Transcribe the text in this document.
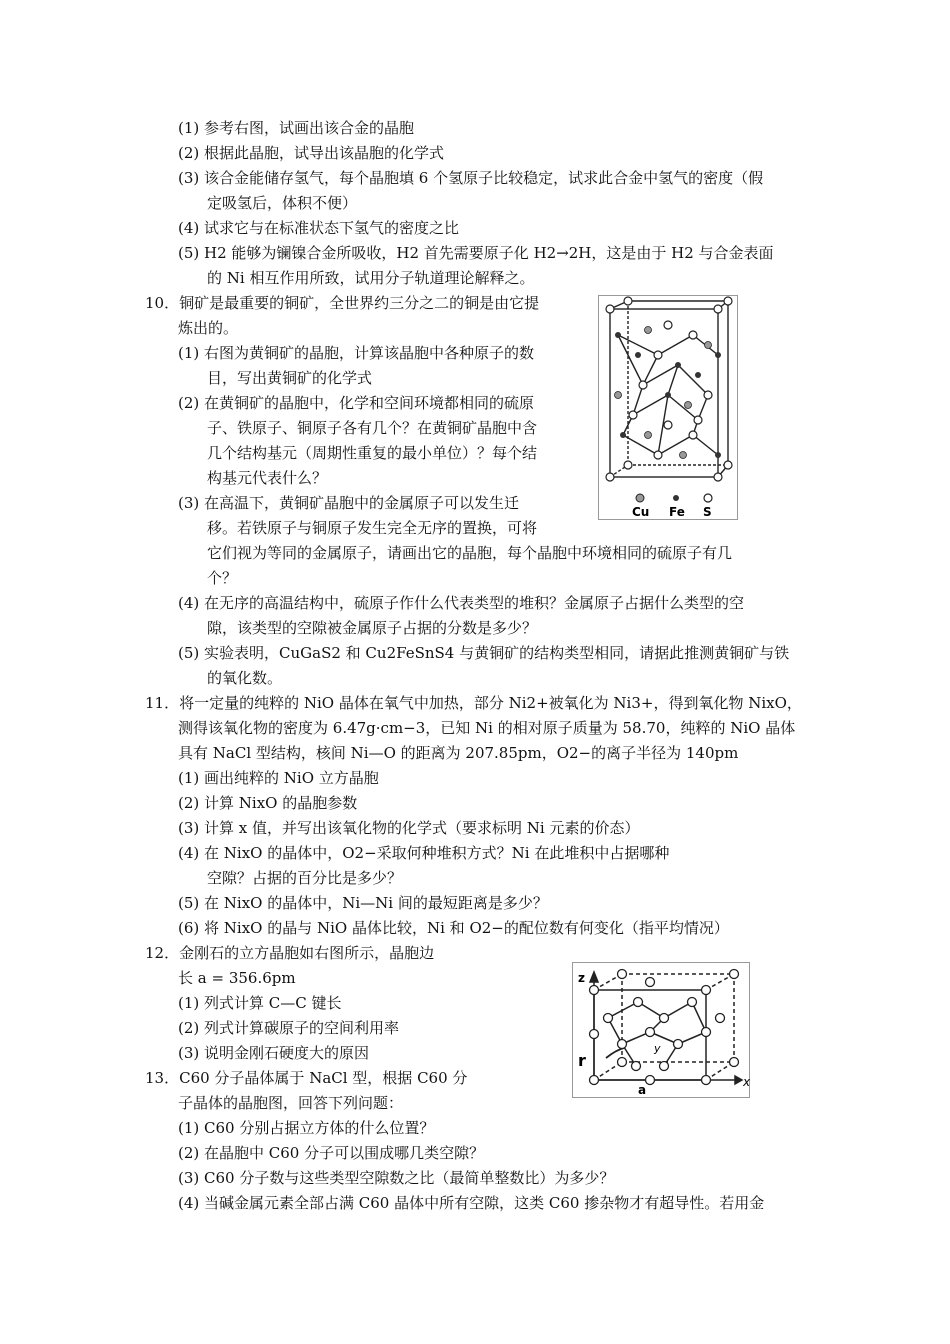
(1) 参考右图，试画出该合金的晶胞
(2) 根据此晶胞，试导出该晶胞的化学式
(3) 该合金能储存氢气，每个晶胞填 6 个氢原子比较稳定，试求此合金中氢气的密度（假
定吸氢后，体积不便）
(4) 试求它与在标准状态下氢气的密度之比
(5) H2 能够为镧镍合金所吸收，H2 首先需要原子化 H2→2H，这是由于 H2 与合金表面
的 Ni 相互作用所致，试用分子轨道理论解释之。
10．铜矿是最重要的铜矿，全世界约三分之二的铜是由它提
炼出的。
(1) 右图为黄铜矿的晶胞，计算该晶胞中各种原子的数
目，写出黄铜矿的化学式
(2) 在黄铜矿的晶胞中，化学和空间环境都相同的硫原
子、铁原子、铜原子各有几个？在黄铜矿晶胞中含
几个结构基元（周期性重复的最小单位）？每个结
构基元代表什么？
(3) 在高温下，黄铜矿晶胞中的金属原子可以发生迁
移。若铁原子与铜原子发生完全无序的置换，可将
它们视为等同的金属原子，请画出它的晶胞，每个晶胞中环境相同的硫原子有几
个？
(4) 在无序的高温结构中，硫原子作什么代表类型的堆积？金属原子占据什么类型的空
隙，该类型的空隙被金属原子占据的分数是多少？
(5) 实验表明，CuGaS2 和 Cu2FeSnS4 与黄铜矿的结构类型相同，请据此推测黄铜矿与铁
的氧化数。
11．将一定量的纯粹的 NiO 晶体在氧气中加热，部分 Ni2+被氧化为 Ni3+，得到氧化物 NixO，
测得该氧化物的密度为 6.47g·cm−3，已知 Ni 的相对原子质量为 58.70，纯粹的 NiO 晶体
具有 NaCl 型结构，核间 Ni—O 的距离为 207.85pm，O2−的离子半径为 140pm
(1) 画出纯粹的 NiO 立方晶胞
(2) 计算 NixO 的晶胞参数
(3) 计算 x 值，并写出该氧化物的化学式（要求标明 Ni 元素的价态）
(4) 在 NixO 的晶体中，O2−采取何种堆积方式？Ni 在此堆积中占据哪种
空隙？占据的百分比是多少？
(5) 在 NixO 的晶体中，Ni—Ni 间的最短距离是多少？
(6) 将 NixO 的晶与 NiO 晶体比较，Ni 和 O2−的配位数有何变化（指平均情况）
12．金刚石的立方晶胞如右图所示，晶胞边
长 a = 356.6pm
(1) 列式计算 C—C 键长
(2) 列式计算碳原子的空间利用率
(3) 说明金刚石硬度大的原因
13．C60 分子晶体属于 NaCl 型，根据 C60 分
子晶体的晶胞图，回答下列问题：
(1) C60 分别占据立方体的什么位置？
(2) 在晶胞中 C60 分子可以围成哪几类空隙？
(3) C60 分子数与这些类型空隙数之比（最简单整数比）为多少？
(4) 当碱金属元素全部占满 C60 晶体中所有空隙，这类 C60 掺杂物才有超导性。若用金
Cu Fe S
z
y
x
a
r
